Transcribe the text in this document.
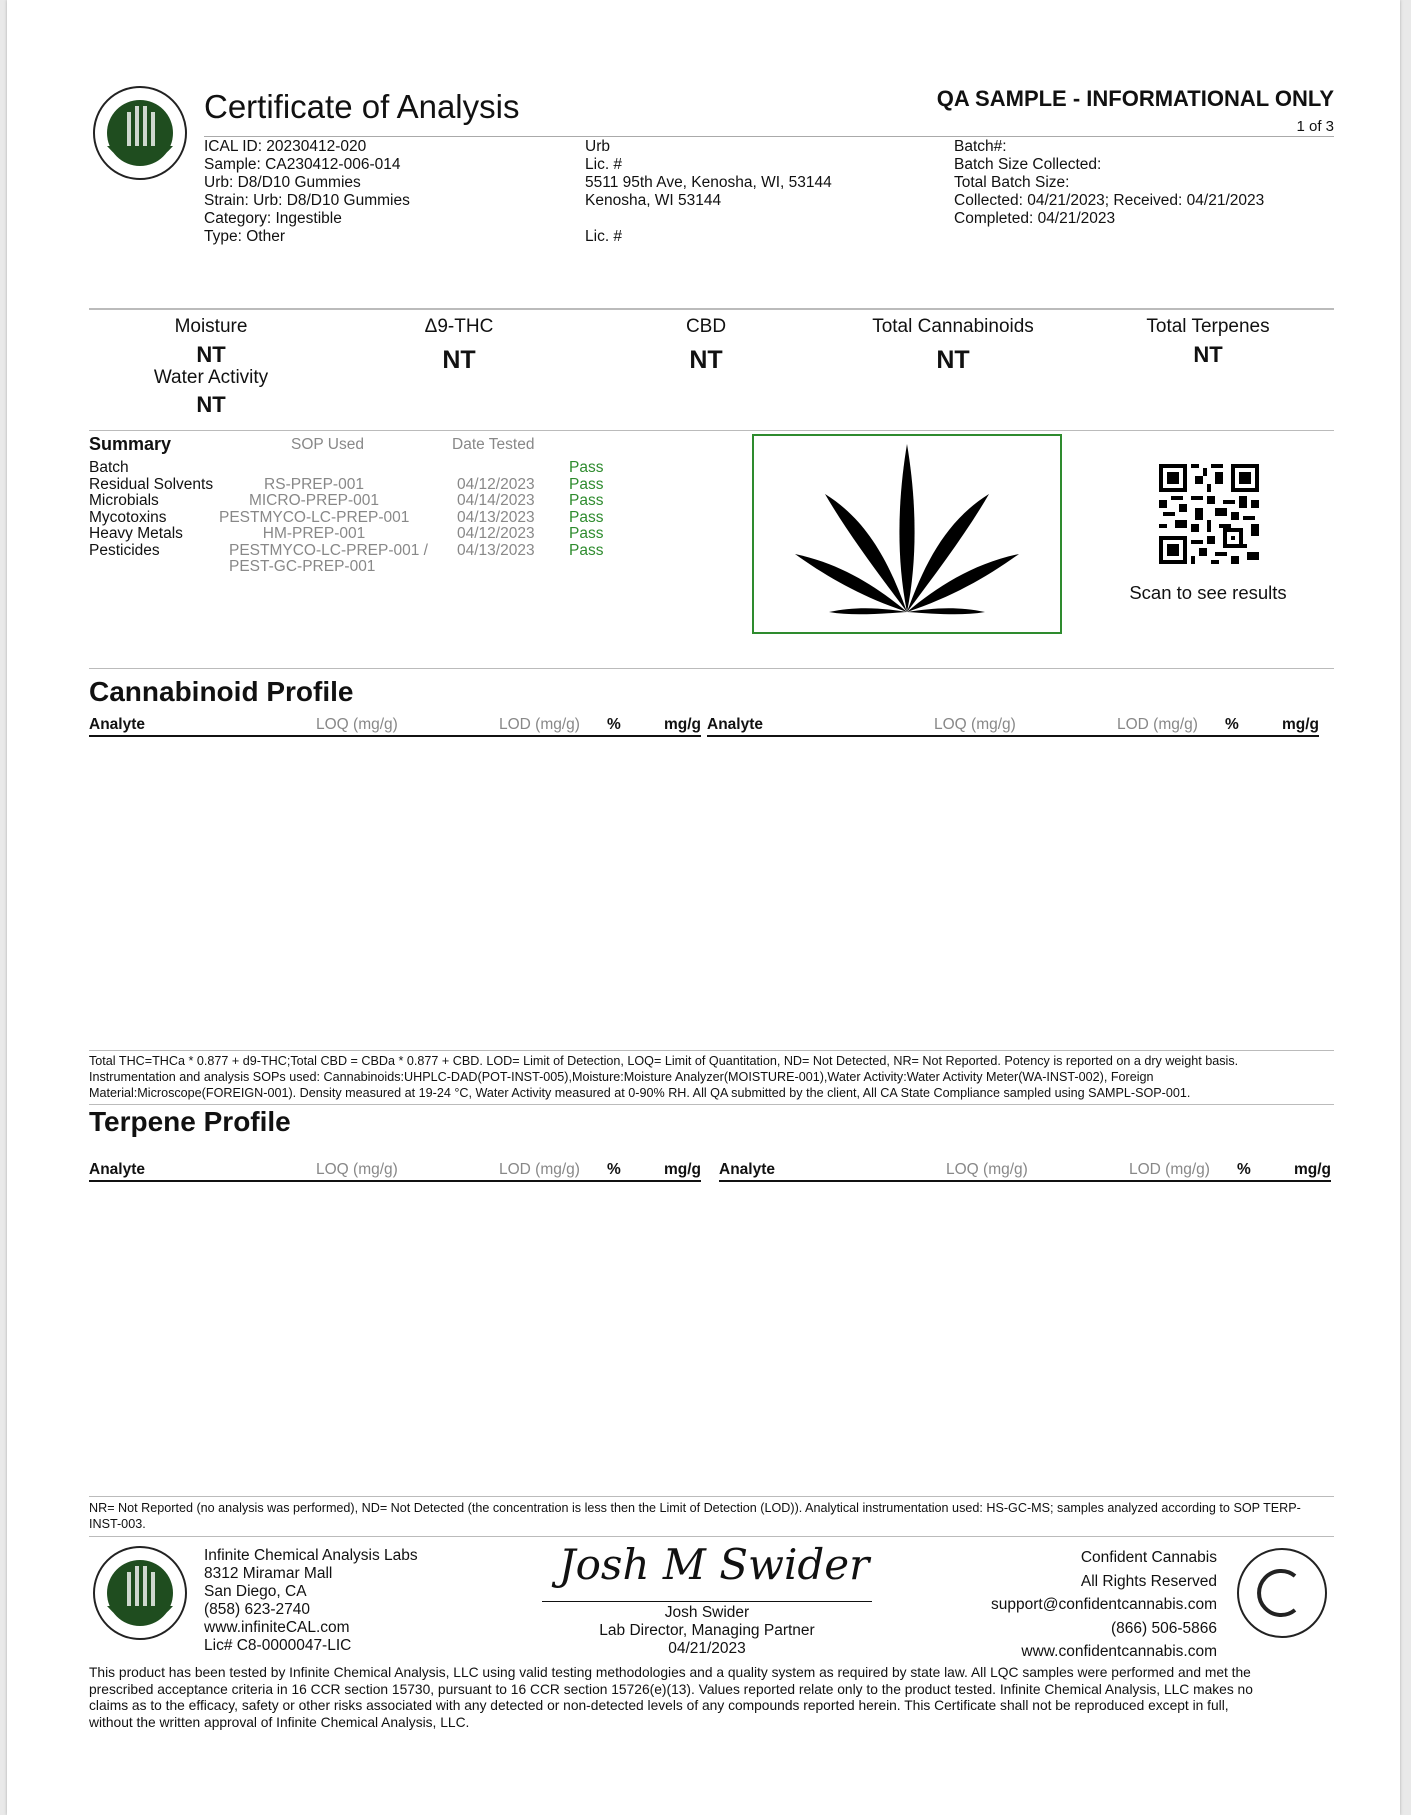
Certificate of Analysis	QA SAMPLE - INFORMATIONAL ONLY
1 of 3
ICAL ID: 20230412-020
Sample: CA230412-006-014
Urb: D8/D10 Gummies
Strain: Urb: D8/D10 Gummies
Category: Ingestible
Type: Other
Urb
Lic. #
5511 95th Ave, Kenosha, WI, 53144
Kenosha, WI 53144
Lic. #
Batch#:
Batch Size Collected:
Total Batch Size:
Collected: 04/21/2023; Received: 04/21/2023
Completed: 04/21/2023
Moisture
NT
Water Activity
NT
Δ9-THC
NT
CBD
NT
Total Cannabinoids
NT
Total Terpenes
NT
Summary	SOP Used	Date Tested
Batch	Pass
Residual Solvents	RS-PREP-001	04/12/2023 Pass
Microbials	MICRO-PREP-001	04/14/2023 Pass
Mycotoxins	PESTMYCO-LC-PREP-001	04/13/2023 Pass
Heavy Metals	HM-PREP-001	04/12/2023 Pass
Pesticides	PESTMYCO-LC-PREP-001 / 04/13/2023 Pass
PEST-GC-PREP-001
Scan to see results
Cannabinoid Profile
Analyte	LOQ (mg/g)	LOD (mg/g) %	mg/g Analyte	LOQ (mg/g)	LOD (mg/g) %	mg/g
Total THC=THCa * 0.877 + d9-THC;Total CBD = CBDa * 0.877 + CBD. LOD= Limit of Detection, LOQ= Limit of Quantitation, ND= Not Detected, NR= Not Reported. Potency is reported on a dry weight basis.
Instrumentation and analysis SOPs used: Cannabinoids:UHPLC-DAD(POT-INST-005),Moisture:Moisture Analyzer(MOISTURE-001),Water Activity:Water Activity Meter(WA-INST-002), Foreign
Material:Microscope(FOREIGN-001). Density measured at 19-24 °C, Water Activity measured at 0-90% RH. All QA submitted by the client, All CA State Compliance sampled using SAMPL-SOP-001.
Terpene Profile
Analyte	LOQ (mg/g)	LOD (mg/g) %	mg/g Analyte	LOQ (mg/g)	LOD (mg/g) %	mg/g
NR= Not Reported (no analysis was performed), ND= Not Detected (the concentration is less then the Limit of Detection (LOD)). Analytical instrumentation used: HS-GC-MS; samples analyzed according to SOP TERP-
INST-003.
Infinite Chemical Analysis Labs
8312 Miramar Mall
San Diego, CA
(858) 623-2740
www.infiniteCAL.com
Lic# C8-0000047-LIC
Josh M Swider
Josh Swider
Lab Director, Managing Partner
04/21/2023
Confident Cannabis
All Rights Reserved
support@confidentcannabis.com
(866) 506-5866
www.confidentcannabis.com
This product has been tested by Infinite Chemical Analysis, LLC using valid testing methodologies and a quality system as required by state law. All LQC samples were performed and met the
prescribed acceptance criteria in 16 CCR section 15730, pursuant to 16 CCR section 15726(e)(13). Values reported relate only to the product tested. Infinite Chemical Analysis, LLC makes no
claims as to the efficacy, safety or other risks associated with any detected or non-detected levels of any compounds reported herein. This Certificate shall not be reproduced except in full,
without the written approval of Infinite Chemical Analysis, LLC.
